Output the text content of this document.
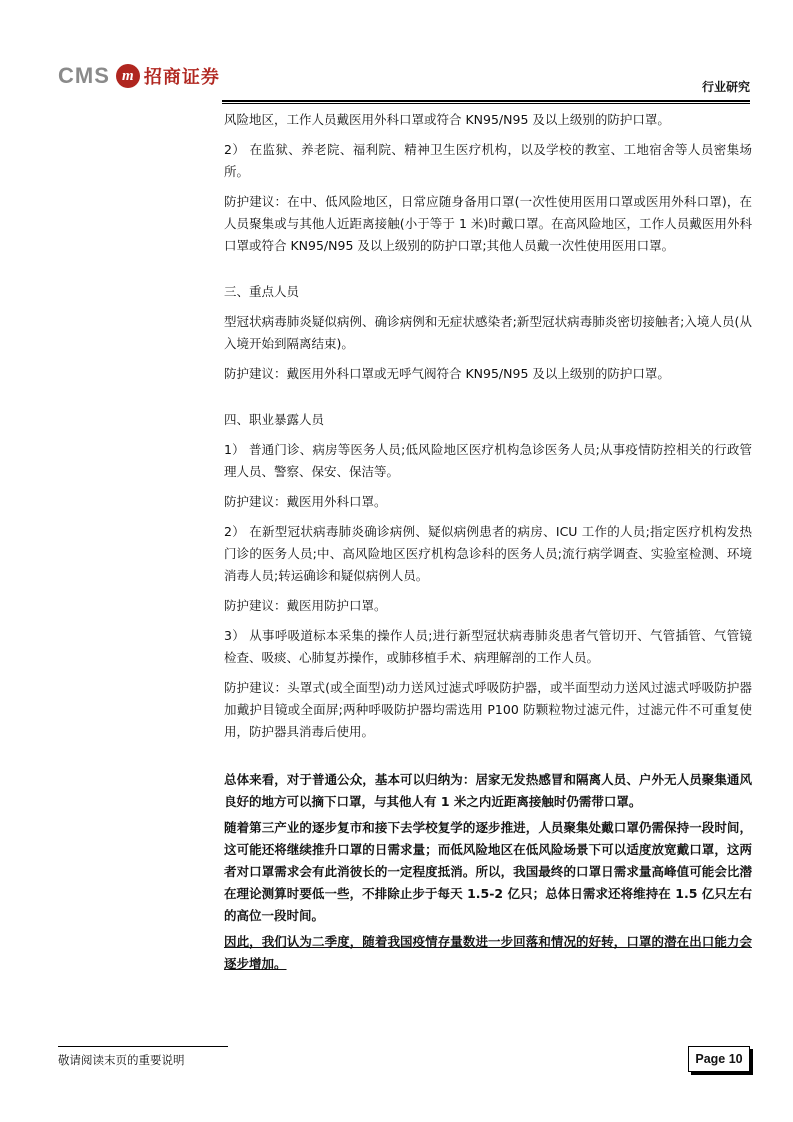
CMS m 招商证券	行业研究

风险地区，工作人员戴医用外科口罩或符合 KN95/N95 及以上级别的防护口罩。

2） 在监狱、养老院、福利院、精神卫生医疗机构，以及学校的教室、工地宿舍等人员密集场所。

防护建议：在中、低风险地区，日常应随身备用口罩(一次性使用医用口罩或医用外科口罩)，在人员聚集或与其他人近距离接触(小于等于 1 米)时戴口罩。在高风险地区，工作人员戴医用外科口罩或符合 KN95/N95 及以上级别的防护口罩;其他人员戴一次性使用医用口罩。

三、重点人员

型冠状病毒肺炎疑似病例、确诊病例和无症状感染者;新型冠状病毒肺炎密切接触者;入境人员(从入境开始到隔离结束)。

防护建议：戴医用外科口罩或无呼气阀符合 KN95/N95 及以上级别的防护口罩。

四、职业暴露人员

1） 普通门诊、病房等医务人员;低风险地区医疗机构急诊医务人员;从事疫情防控相关的行政管理人员、警察、保安、保洁等。

防护建议：戴医用外科口罩。

2） 在新型冠状病毒肺炎确诊病例、疑似病例患者的病房、ICU 工作的人员;指定医疗机构发热门诊的医务人员;中、高风险地区医疗机构急诊科的医务人员;流行病学调查、实验室检测、环境消毒人员;转运确诊和疑似病例人员。

防护建议：戴医用防护口罩。

3） 从事呼吸道标本采集的操作人员;进行新型冠状病毒肺炎患者气管切开、气管插管、气管镜检查、吸痰、心肺复苏操作，或肺移植手术、病理解剖的工作人员。

防护建议：头罩式(或全面型)动力送风过滤式呼吸防护器，或半面型动力送风过滤式呼吸防护器加戴护目镜或全面屏;两种呼吸防护器均需选用 P100 防颗粒物过滤元件，过滤元件不可重复使用，防护器具消毒后使用。

总体来看，对于普通公众，基本可以归纳为：居家无发热感冒和隔离人员、户外无人员聚集通风良好的地方可以摘下口罩，与其他人有 1 米之内近距离接触时仍需带口罩。

随着第三产业的逐步复市和接下去学校复学的逐步推进，人员聚集处戴口罩仍需保持一段时间，这可能还将继续推升口罩的日需求量；而低风险地区在低风险场景下可以适度放宽戴口罩，这两者对口罩需求会有此消彼长的一定程度抵消。所以，我国最终的口罩日需求量高峰值可能会比潜在理论测算时要低一些，不排除止步于每天 1.5-2 亿只；总体日需求还将维持在 1.5 亿只左右的高位一段时间。

因此，我们认为二季度，随着我国疫情存量数进一步回落和情况的好转，口罩的潜在出口能力会逐步增加。

敬请阅读末页的重要说明	Page 10
